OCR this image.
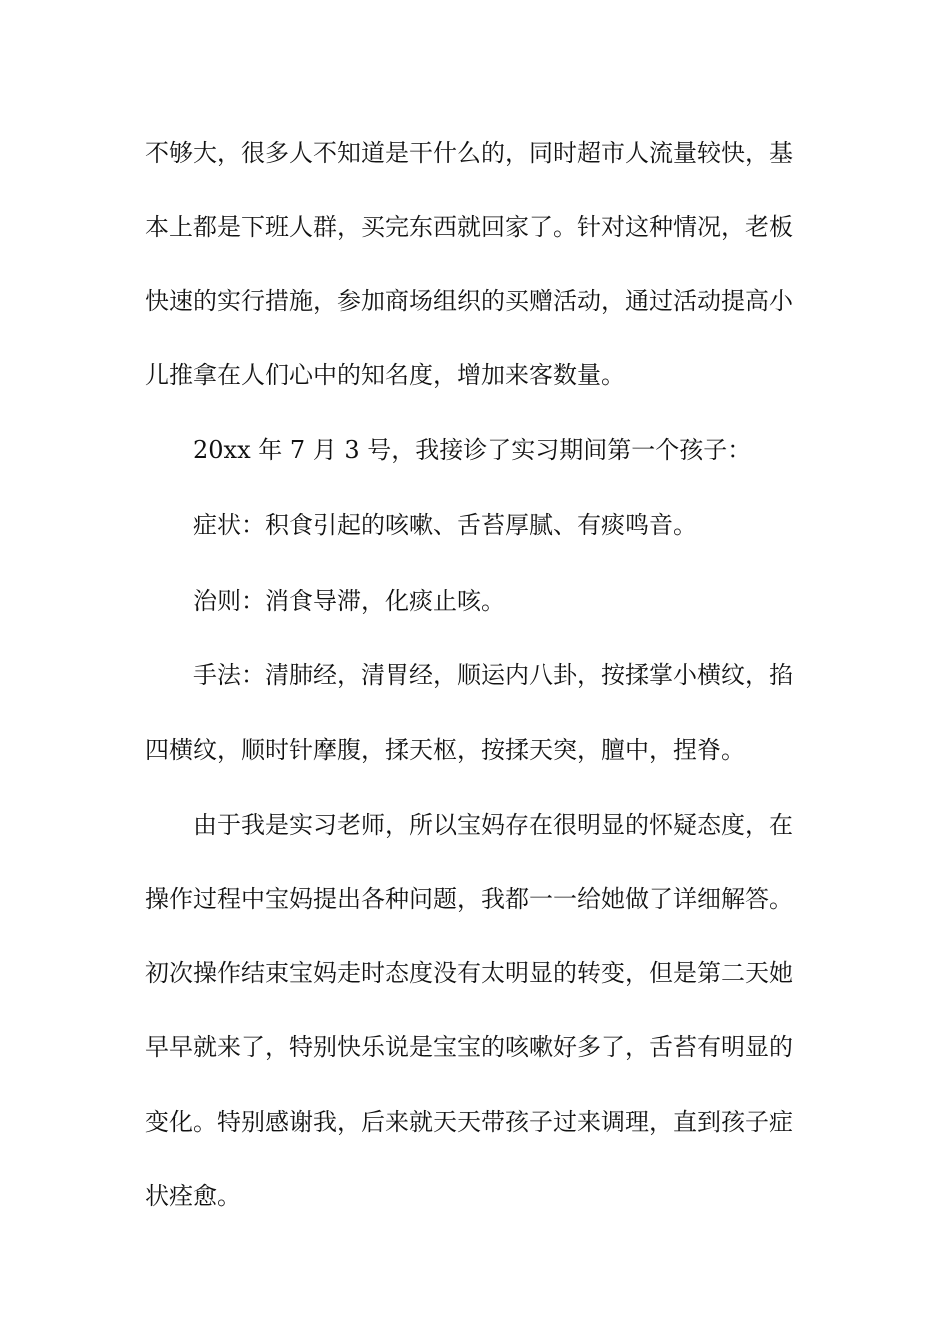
不够大，很多人不知道是干什么的，同时超市人流量较快，基
本上都是下班人群，买完东西就回家了。针对这种情况，老板
快速的实行措施，参加商场组织的买赠活动，通过活动提高小
儿推拿在人们心中的知名度，增加来客数量。
20xx 年 7 月 3 号，我接诊了实习期间第一个孩子：
症状：积食引起的咳嗽、舌苔厚腻、有痰鸣音。
治则：消食导滞，化痰止咳。
手法：清肺经，清胃经，顺运内八卦，按揉掌小横纹，掐
四横纹，顺时针摩腹，揉天枢，按揉天突，膻中，捏脊。
由于我是实习老师，所以宝妈存在很明显的怀疑态度，在
操作过程中宝妈提出各种问题，我都一一给她做了详细解答。
初次操作结束宝妈走时态度没有太明显的转变，但是第二天她
早早就来了，特别快乐说是宝宝的咳嗽好多了，舌苔有明显的
变化。特别感谢我，后来就天天带孩子过来调理，直到孩子症
状痊愈。
